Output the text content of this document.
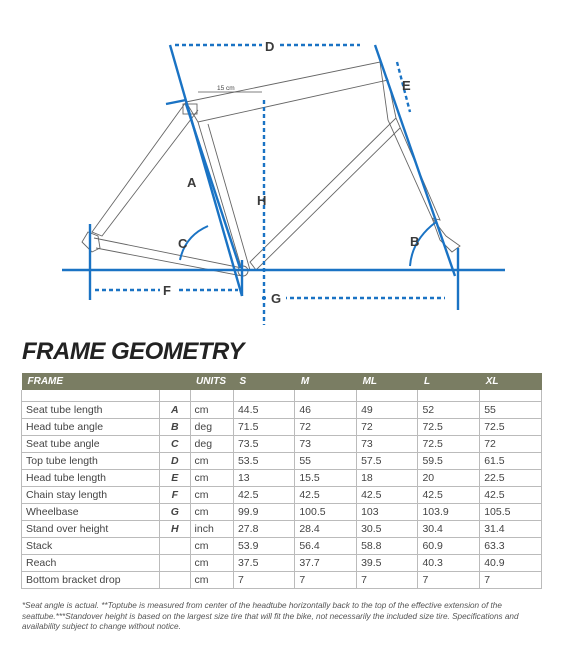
15 cm
D
E
A
H
C	B
F
G
FRAME GEOMETRY
FRAME		UNITS	S	M	ML	L	XL

Seat tube length	A	cm	44.5	46	49	52	55
Head tube angle	B	deg	71.5	72	72	72.5	72.5
Seat tube angle	C	deg	73.5	73	73	72.5	72
Top tube length	D	cm	53.5	55	57.5	59.5	61.5
Head tube length	E	cm	13	15.5	18	20	22.5
Chain stay length	F	cm	42.5	42.5	42.5	42.5	42.5
Wheelbase	G	cm	99.9	100.5	103	103.9	105.5
Stand over height	H	inch	27.8	28.4	30.5	30.4	31.4
Stack		cm	53.9	56.4	58.8	60.9	63.3
Reach		cm	37.5	37.7	39.5	40.3	40.9
Bottom bracket drop		cm	7	7	7	7	7

*Seat angle is actual. **Toptube is measured from center of the headtube horizontally back to the top of the effective extension of the seattube.***Standover height is based on the largest size tire that will fit the bike, not necessarily the included size tire. Specifications and availability subject to change without notice.
